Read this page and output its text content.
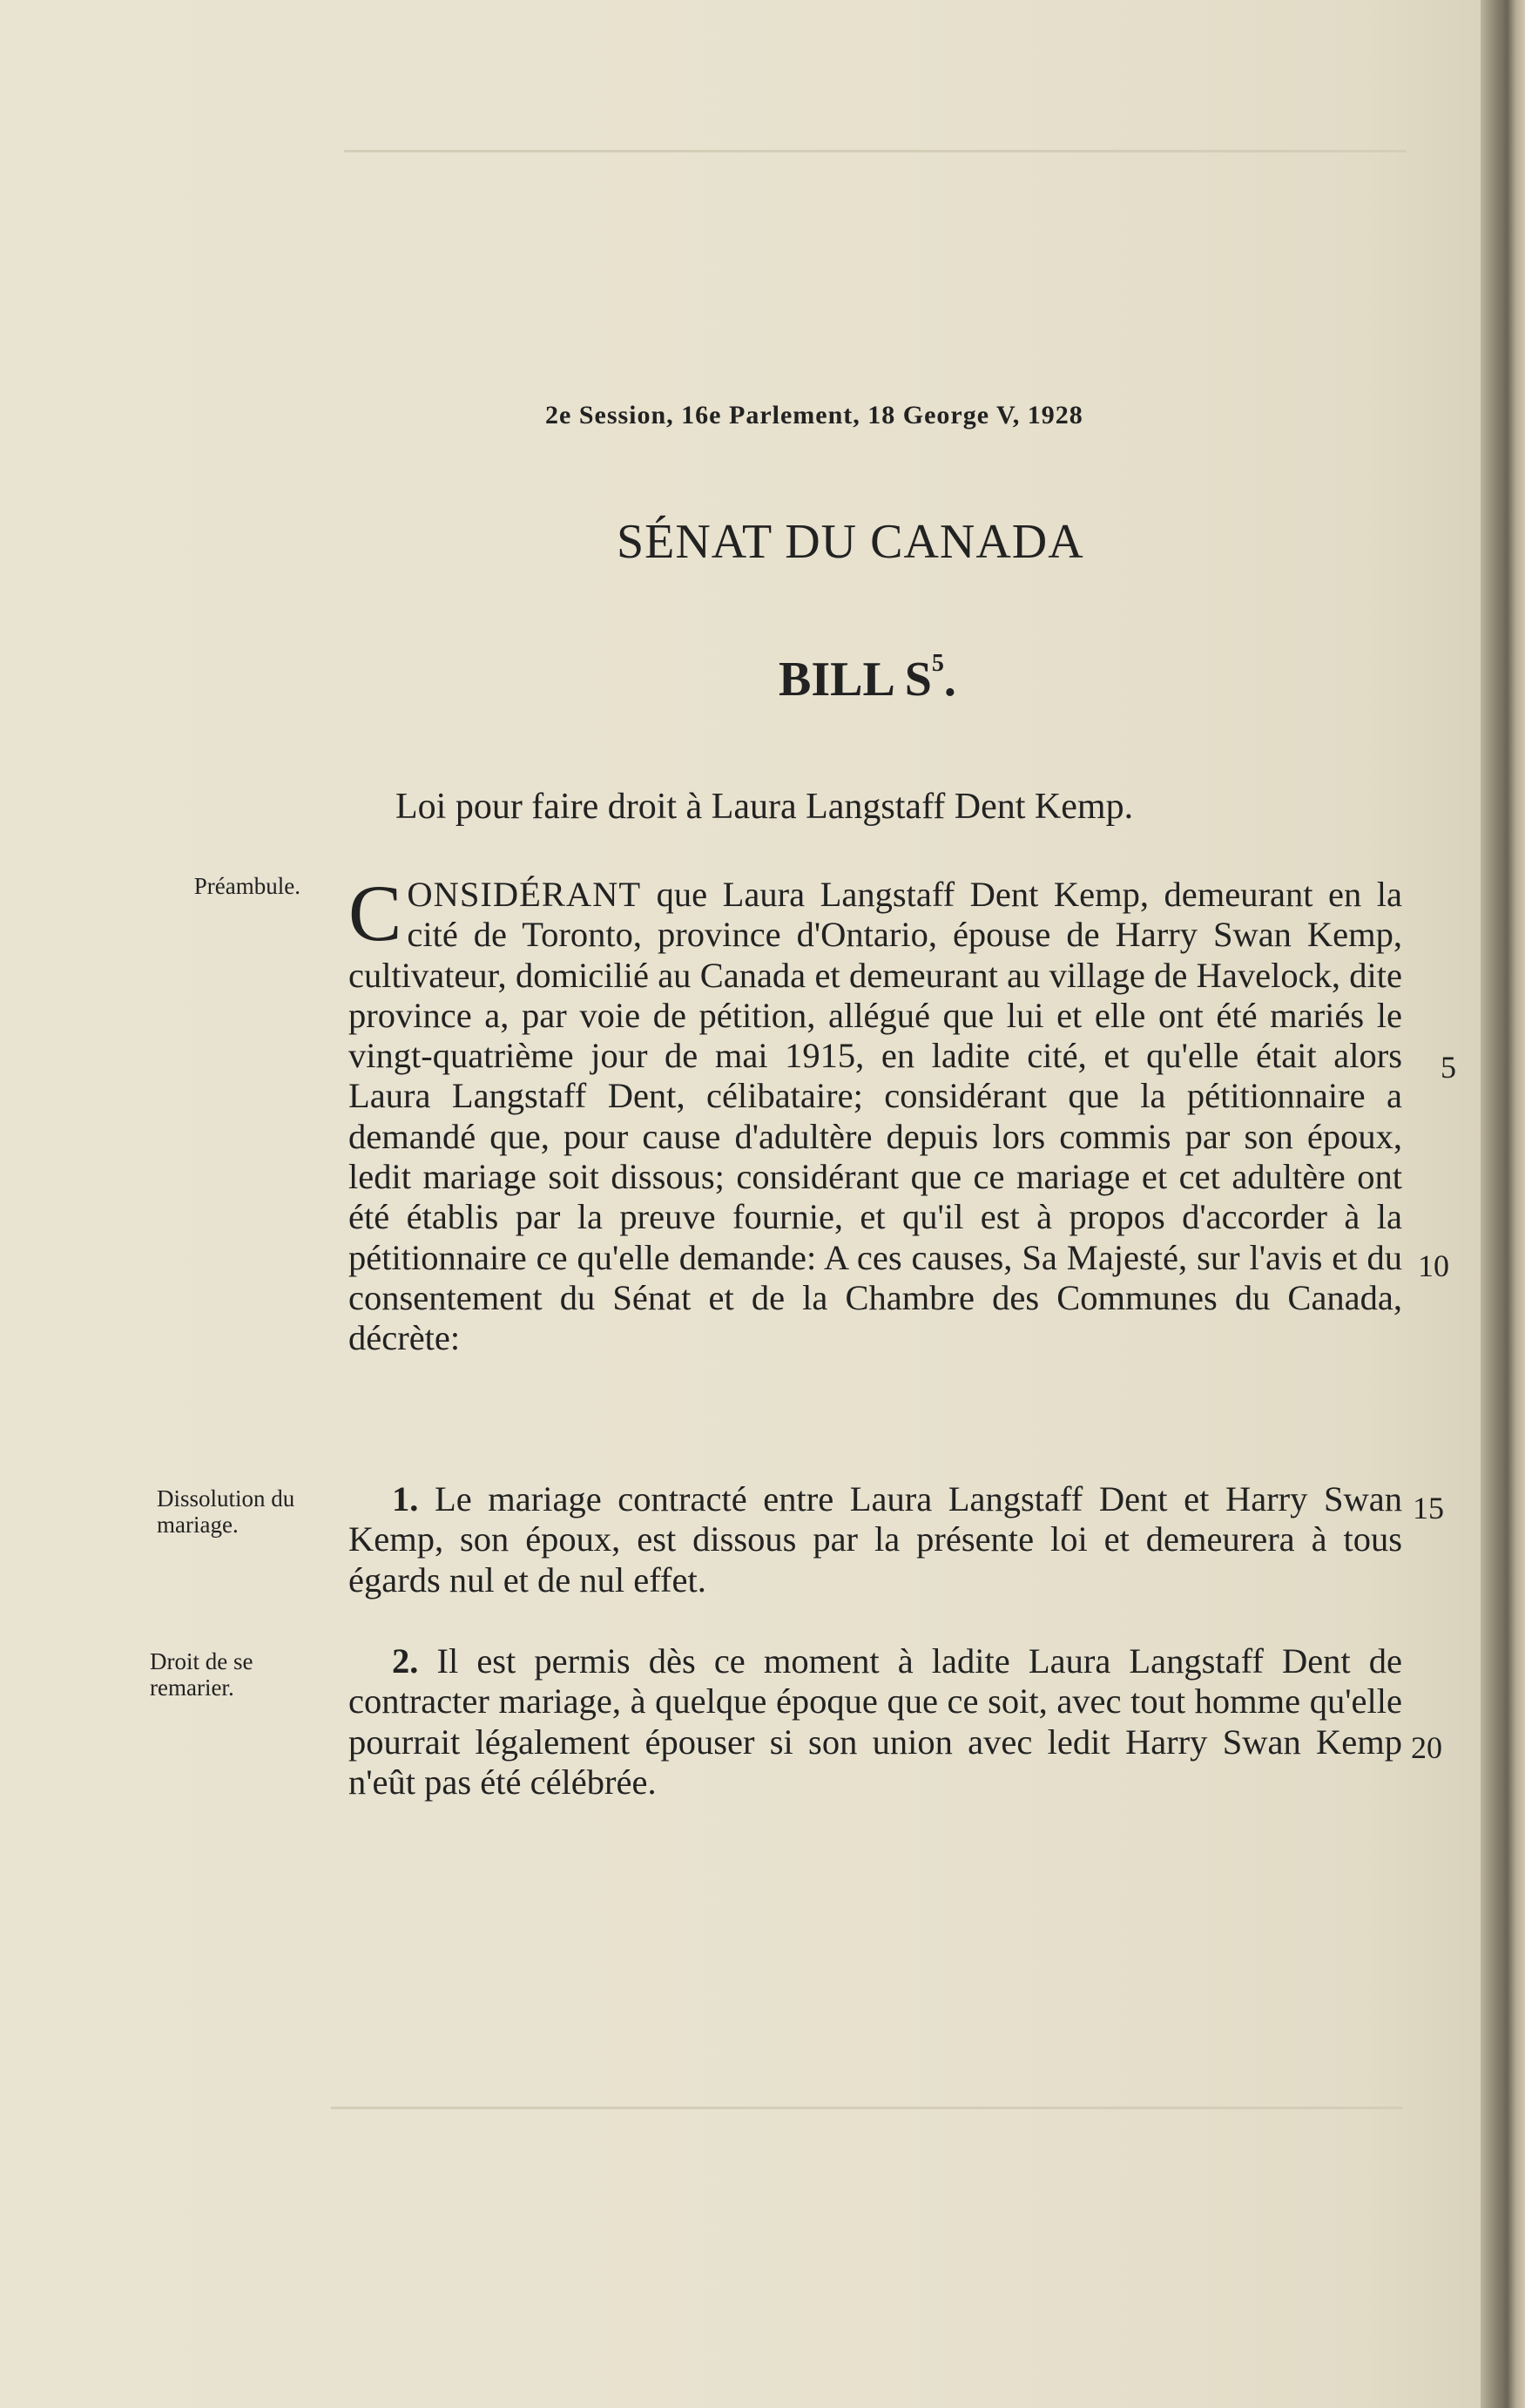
2e Session, 16e Parlement, 18 George V, 1928
SÉNAT DU CANADA
BILL $S^5$.
Loi pour faire droit à Laura Langstaff Dent Kemp.
Préambule.
Dissolution du mariage.
Droit de se remarier.
CONSIDÉRANT que Laura Langstaff Dent Kemp, demeurant en la cité de Toronto, province d'Ontario, épouse de Harry Swan Kemp, cultivateur, domicilié au Canada et demeurant au village de Havelock, dite province a, par voie de pétition, allégué que lui et elle ont été mariés le vingt-quatrième jour de mai 1915, en ladite cité, et qu'elle était alors Laura Langstaff Dent, célibataire; considérant que la pétitionnaire a demandé que, pour cause d'adultère depuis lors commis par son époux, ledit mariage soit dissous; considérant que ce mariage et cet adultère ont été établis par la preuve fournie, et qu'il est à propos d'accorder à la pétitionnaire ce qu'elle demande: A ces causes, Sa Majesté, sur l'avis et du consentement du Sénat et de la Chambre des Communes du Canada, décrète:
1. Le mariage contracté entre Laura Langstaff Dent et Harry Swan Kemp, son époux, est dissous par la présente loi et demeurera à tous égards nul et de nul effet.
2. Il est permis dès ce moment à ladite Laura Langstaff Dent de contracter mariage, à quelque époque que ce soit, avec tout homme qu'elle pourrait légalement épouser si son union avec ledit Harry Swan Kemp n'eût pas été célébrée.
5
10
15
20
